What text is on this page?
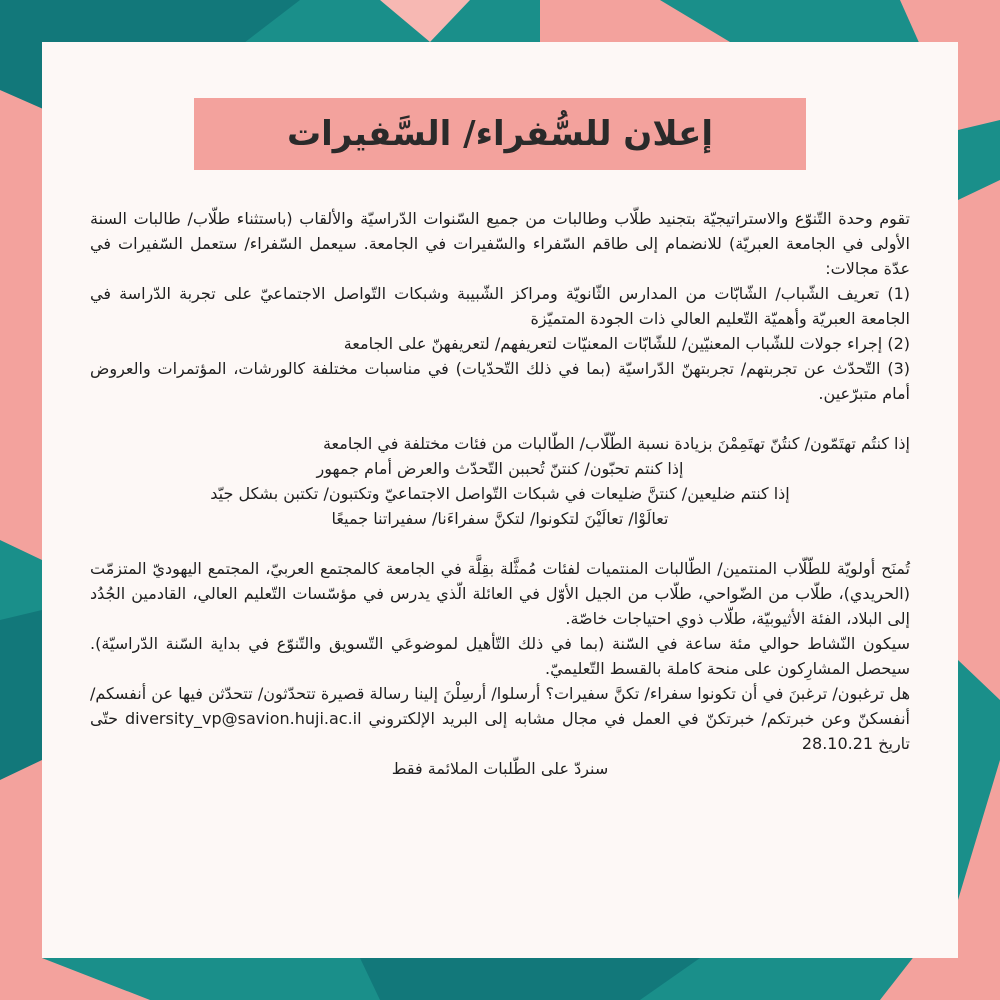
إعلان للسُّفراء/ السَّفيرات

تقوم وحدة التّنوّع والاستراتيجيّة بتجنيد طلّاب وطالبات من جميع السّنوات الدّراسيّة والألقاب (باستثناء طلّاب/ طالبات السنة الأولى في الجامعة العبريّة) للانضمام إلى طاقم السّفراء والسّفيرات في الجامعة. سيعمل السّفراء/ ستعمل السّفيرات في عدّة مجالات:

(1) تعريف الشّباب/ الشّابّات من المدارس الثّانويّة ومراكز الشّبيبة وشبكات التّواصل الاجتماعيّ على تجربة الدّراسة في الجامعة العبريّة وأهميّة التّعليم العالي ذات الجودة المتميّزة

(2) إجراء جولات للشّباب المعنيّين/ للشّابّات المعنيّات لتعريفهم/ لتعريفهنّ على الجامعة

(3) التّحدّث عن تجربتهم/ تجربتهنّ الدّراسيّة (بما في ذلك التّحدّيات) في مناسبات مختلفة كالورشات، المؤتمرات والعروض أمام متبرّعين.

إذا كنتُم تهتَمّون/ كنتُنّ تهتَمِمْنَ بزيادة نسبة الطّلّاب/ الطّالبات من فئات مختلفة في الجامعة

إذا كنتم تحبّون/ كنتنّ تُحببن التّحدّث والعرض أمام جمهور

إذا كنتم ضليعين/ كنتنَّ ضليعات في شبكات التّواصل الاجتماعيّ وتكتبون/ تكتبن بشكل جيّد

تعالَوْا/ تعالَيْنَ لتكونوا/ لتكنَّ سفراءَنا/ سفيراتنا جميعًا

تُمنَح أولويّة للطّلّاب المنتمين/ الطّالبات المنتميات لفئات مُمثَّلة بقِلَّة في الجامعة كالمجتمع العربيّ، المجتمع اليهوديّ المتزمّت (الحريدي)، طلّاب من الضّواحي، طلّاب من الجيل الأوّل في العائلة الّذي يدرس في مؤسّسات التّعليم العالي، القادمين الجُدُد إلى البلاد، الفئة الأثيوبيّة، طلّاب ذوي احتياجات خاصّة.

سيكون النّشاط حوالي مئة ساعة في السّنة (بما في ذلك التّأهيل لموضوعَي التّسويق والتّنوّع في بداية السّنة الدّراسيّة). سيحصل المشارِكون على منحة كاملة بالقسط التّعليميّ.

هل ترغبون/ ترغبنَ في أن تكونوا سفراء/ تكنَّ سفيرات؟ أرسلوا/ أرسِلْنَ إلينا رسالة قصيرة تتحدّثون/ تتحدّثن فيها عن أنفسكم/ أنفسكنّ وعن خبرتكم/ خبرتكنّ في العمل في مجال مشابه إلى البريد الإلكتروني diversity_vp@savion.huji.ac.il حتّى تاريخ 28.10.21

سنردّ على الطّلبات الملائمة فقط
